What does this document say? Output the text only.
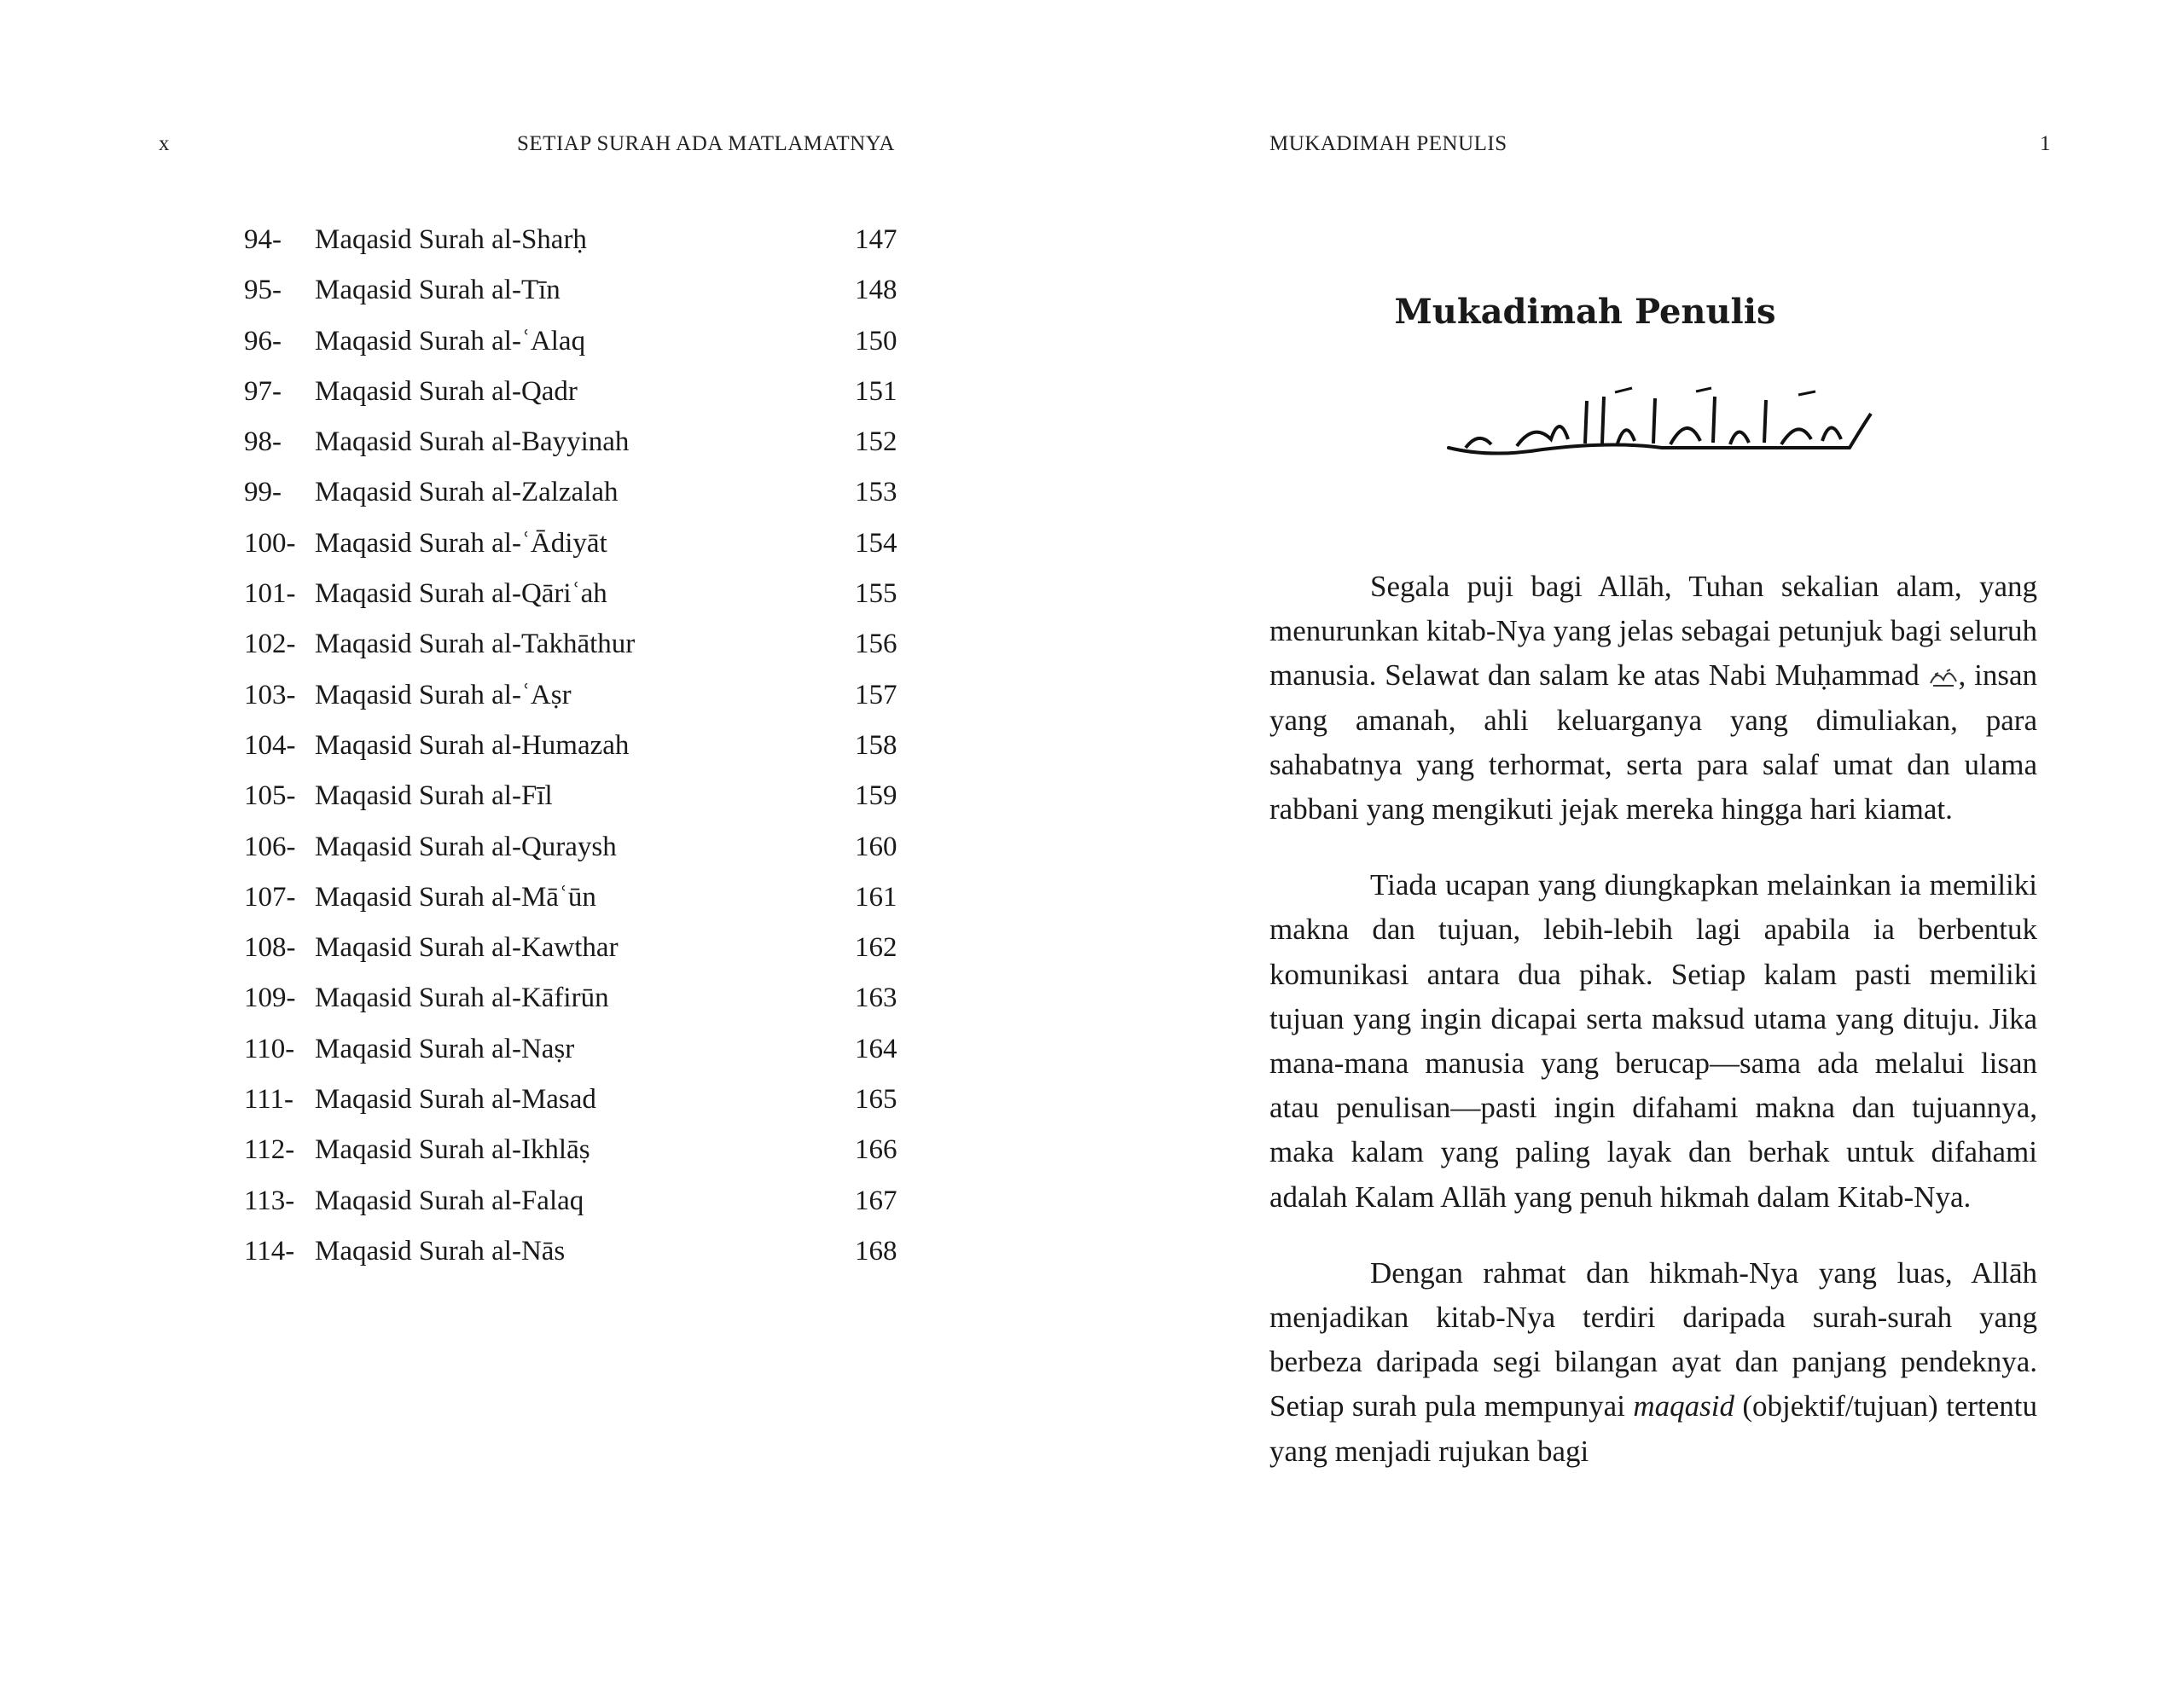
x	SETIAP SURAH ADA MATLAMATNYA
94- Maqasid Surah al-Sharḥ	147
95- Maqasid Surah al-Tīn	148
96- Maqasid Surah al-ʿAlaq	150
97- Maqasid Surah al-Qadr	151
98- Maqasid Surah al-Bayyinah	152
99- Maqasid Surah al-Zalzalah	153
100- Maqasid Surah al-ʿĀdiyāt	154
101- Maqasid Surah al-Qāriʿah	155
102- Maqasid Surah al-Takhāthur	156
103- Maqasid Surah al-ʿAṣr	157
104- Maqasid Surah al-Humazah	158
105- Maqasid Surah al-Fīl	159
106- Maqasid Surah al-Quraysh	160
107- Maqasid Surah al-Māʿūn	161
108- Maqasid Surah al-Kawthar	162
109- Maqasid Surah al-Kāfirūn	163
110- Maqasid Surah al-Naṣr	164
111- Maqasid Surah al-Masad	165
112- Maqasid Surah al-Ikhlāṣ	166
113- Maqasid Surah al-Falaq	167
114- Maqasid Surah al-Nās	168
MUKADIMAH PENULIS	1
Mukadimah Penulis

Segala puji bagi Allāh, Tuhan sekalian alam, yang menurunkan kitab-Nya yang jelas sebagai petunjuk bagi seluruh manusia. Selawat dan salam ke atas Nabi Muḥammad , insan yang amanah, ahli keluarganya yang dimuliakan, para sahabatnya yang terhormat, serta para salaf umat dan ulama rabbani yang mengikuti jejak mereka hingga hari kiamat.

Tiada ucapan yang diungkapkan melainkan ia memiliki makna dan tujuan, lebih-lebih lagi apabila ia berbentuk komunikasi antara dua pihak. Setiap kalam pasti memiliki tujuan yang ingin dicapai serta maksud utama yang dituju. Jika mana-mana manusia yang berucap—sama ada melalui lisan atau penulisan—pasti ingin difahami makna dan tujuannya, maka kalam yang paling layak dan berhak untuk difahami adalah Kalam Allāh yang penuh hikmah dalam Kitab-Nya.

Dengan rahmat dan hikmah-Nya yang luas, Allāh menjadikan kitab-Nya terdiri daripada surah-surah yang berbeza daripada segi bilangan ayat dan panjang pendeknya. Setiap surah pula mempunyai maqasid (objektif/tujuan) tertentu yang menjadi rujukan bagi
